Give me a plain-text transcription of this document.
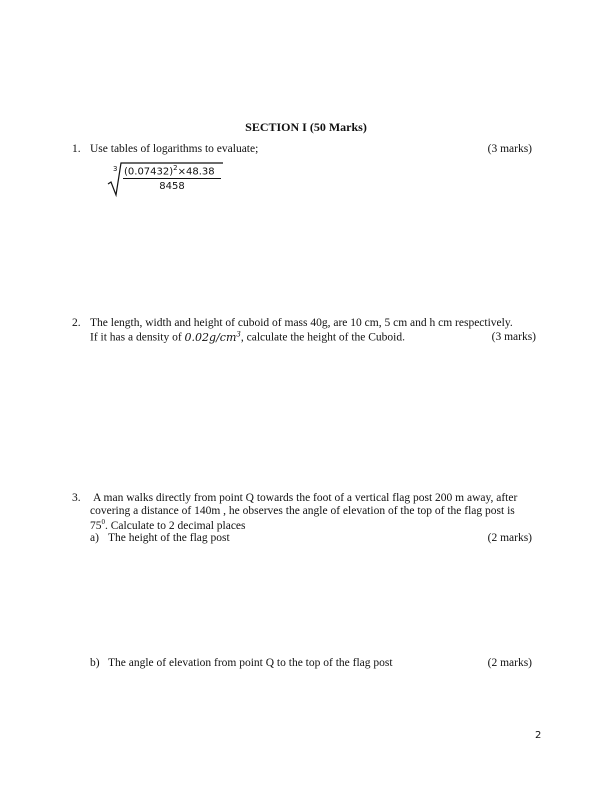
SECTION I (50 Marks)
1. Use tables of logarithms to evaluate;	(3 marks)
3 $(0.07432)^2\times 48.38$
8458
2. The length, width and height of cuboid of mass 40g, are 10 cm, 5 cm and h cm respectively.
If it has a density of $0.02g/cm^3$, calculate the height of the Cuboid.	(3 marks)
3. A man walks directly from point Q towards the foot of a vertical flag post 200 m away, after
covering a distance of 140m , he observes the angle of elevation of the top of the flag post is
$75^0$. Calculate to 2 decimal places
a) The height of the flag post	(2 marks)
b) The angle of elevation from point Q to the top of the flag post	(2 marks)
2
